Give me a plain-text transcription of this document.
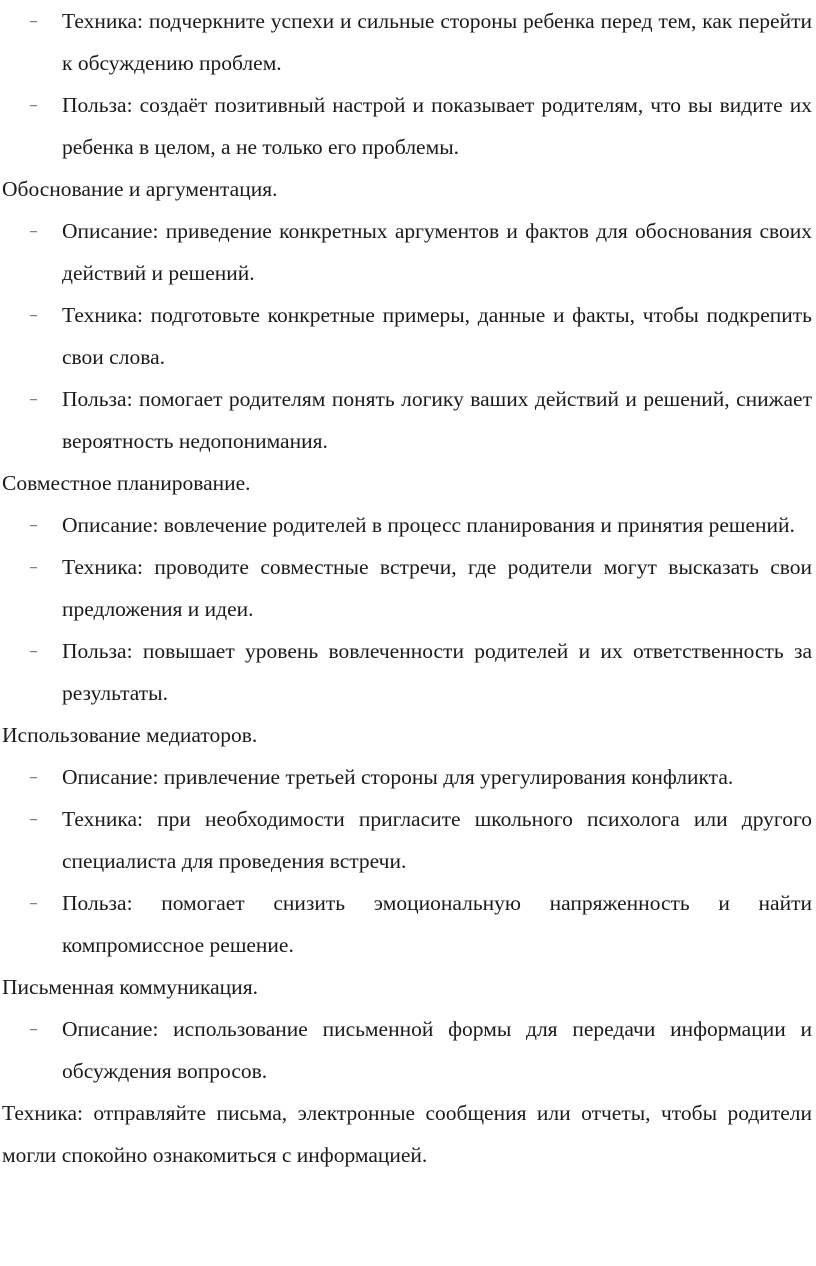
– Техника: подчеркните успехи и сильные стороны ребенка перед тем, как перейти к обсуждению проблем.

– Польза: создаёт позитивный настрой и показывает родителям, что вы видите их ребенка в целом, а не только его проблемы.

Обоснование и аргументация.

– Описание: приведение конкретных аргументов и фактов для обоснования своих действий и решений.

– Техника: подготовьте конкретные примеры, данные и факты, чтобы подкрепить свои слова.

– Польза: помогает родителям понять логику ваших действий и решений, снижает вероятность недопонимания.

Совместное планирование.

– Описание: вовлечение родителей в процесс планирования и принятия решений.

– Техника: проводите совместные встречи, где родители могут высказать свои предложения и идеи.

– Польза: повышает уровень вовлеченности родителей и их ответственность за результаты.

Использование медиаторов.

– Описание: привлечение третьей стороны для урегулирования конфликта.

– Техника: при необходимости пригласите школьного психолога или другого специалиста для проведения встречи.

– Польза: помогает снизить эмоциональную напряженность и найти компромиссное решение.

Письменная коммуникация.

– Описание: использование письменной формы для передачи информации и обсуждения вопросов.

Техника: отправляйте письма, электронные сообщения или отчеты, чтобы родители могли спокойно ознакомиться с информацией.
